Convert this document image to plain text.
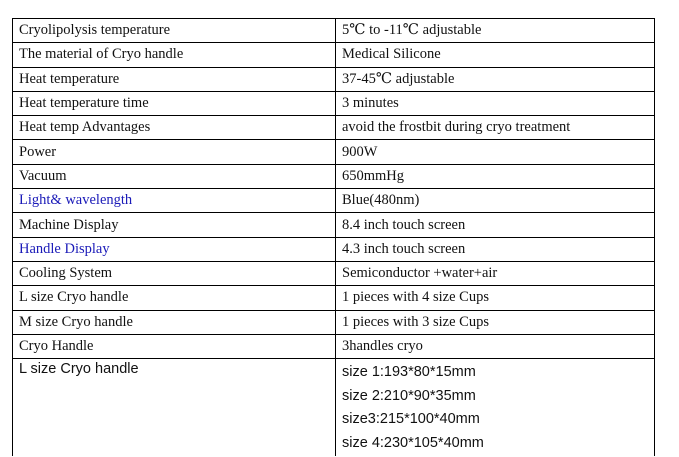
Cryolipolysis temperature	5℃ to -11℃ adjustable
The material of Cryo handle	Medical Silicone
Heat temperature	37-45℃ adjustable
Heat temperature time	3 minutes
Heat temp Advantages	avoid the frostbit during cryo treatment
Power	900W
Vacuum	650mmHg
Light& wavelength	Blue(480nm)
Machine Display	8.4 inch touch screen
Handle Display	4.3 inch touch screen
Cooling System	Semiconductor +water+air
L size Cryo handle	1 pieces with 4 size Cups
M size Cryo handle	1 pieces with 3 size Cups
Cryo Handle	3handles cryo
L size Cryo handle	size 1:193*80*15mm
size 2:210*90*35mm
size3:215*100*40mm
size 4:230*105*40mm
